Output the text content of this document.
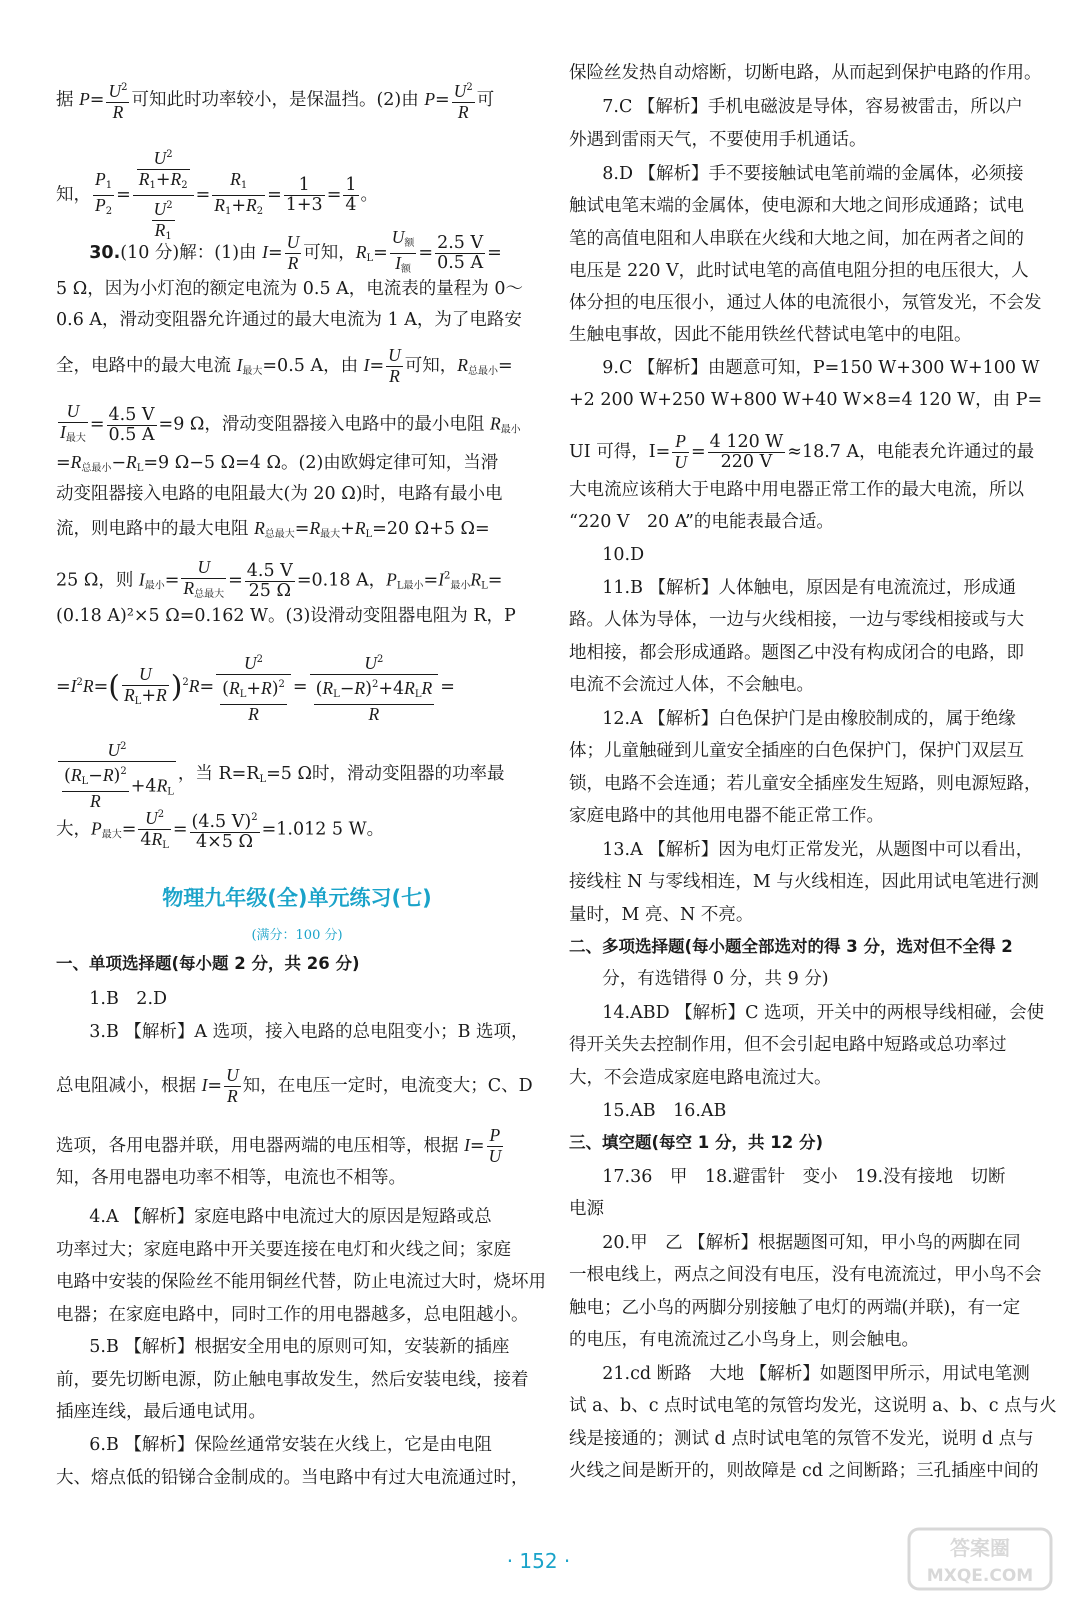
据 $P= \frac{U^2}{R}$ 可知此时功率较小，是保温挡。(2)由 $P= \frac{U^2}{R}$ 可
知， $\frac{P_1}{P_2} = \frac{\frac{U^2}{R_1+R_2}}{\frac{U^2}{R_1}} = \frac{R_1}{R_1+R_2} = \frac{1}{1+3} = \frac{1}{4}$ 。
30.(10 分)解：(1)由 $I= \frac{U}{R}$ 可知，$R_L=$
$U_额$
$I_额$
= $\frac{2.5 V}{0.5 A}$ =
5 Ω，因为小灯泡的额定电流为 0.5 A，电流表的量程为 0～
0.6 A，滑动变阻器允许通过的最大电流为 1 A，为了电路安
全，电路中的最大电流 $I_{最大}=0.5$ A，由 $I= \frac{U}{R}$ 可知，$R_{总最小}=$
U
$I_{最大}$
= $\frac{4.5 V}{0.5 A} =9$ Ω，滑动变阻器接入电路中的最小电阻 $R_{最小}$
$=R_{总最小}-R_L=9$ Ω−5 Ω=4 Ω。(2)由欧姆定律可知，当滑
动变阻器接入电路的电阻最大(为 20 Ω)时，电路有最小电
流，则电路中的最大电阻 $R_{总最大}=R_{最大}+R_L=20$ Ω+5 Ω=
25 Ω，则 $I_{最小}=$
U
$R_{总最大}$
= $\frac{4.5 V}{25 \Omega} =0.18$ A，$P_{L最小}=I^2_{最小}R_L=$
(0.18 A)²×5 Ω=0.162 W。(3)设滑动变阻器电阻为 R，P
$=I^2R=( \frac{U}{R_L+R} )^2R= \frac{U^2}{\frac{(R_L+R)^2}{R}}$ =
$U^2$
$(R_L-R)^2+4R_LR$
R
=
$\frac{U^2}{\frac{(R_L-R)^2}{R} +4R_L}$ ，当 $R=R_L=5$ Ω时，滑动变阻器的功率最
大，$P_{最大}= \frac{U^2}{4R_L} = \frac{(4.5 V)^2}{4\times 5 \Omega} =1.012$ 5 W。
物理九年级(全)单元练习(七)
(满分：100 分)
一、单项选择题(每小题 2 分，共 26 分)
1.B　2.D
3.B 【解析】A 选项，接入电路的总电阻变小；B 选项，
总电阻减小，根据 $I= \frac{U}{R}$ 知，在电压一定时，电流变大；C、D
选项，各用电器并联，用电器两端的电压相等，根据 $I= \frac{P}{U}$
知，各用电器电功率不相等，电流也不相等。
4.A 【解析】家庭电路中电流过大的原因是短路或总
功率过大；家庭电路中开关要连接在电灯和火线之间；家庭
电路中安装的保险丝不能用铜丝代替，防止电流过大时，烧坏用
电器；在家庭电路中，同时工作的用电器越多，总电阻越小。
5.B 【解析】根据安全用电的原则可知，安装新的插座
前，要先切断电源，防止触电事故发生，然后安装电线，接着
插座连线，最后通电试用。
6.B 【解析】保险丝通常安装在火线上，它是由电阻
大、熔点低的铅锑合金制成的。当电路中有过大电流通过时，
保险丝发热自动熔断，切断电路，从而起到保护电路的作用。
7.C 【解析】手机电磁波是导体，容易被雷击，所以户
外遇到雷雨天气，不要使用手机通话。
8.D 【解析】手不要接触试电笔前端的金属体，必须接
触试电笔末端的金属体，使电源和大地之间形成通路；试电
笔的高值电阻和人串联在火线和大地之间，加在两者之间的
电压是 220 V，此时试电笔的高值电阻分担的电压很大，人
体分担的电压很小，通过人体的电流很小，氖管发光，不会发
生触电事故，因此不能用铁丝代替试电笔中的电阻。
9.C 【解析】由题意可知，P=150 W+300 W+100 W
+2 200 W+250 W+800 W+40 W×8=4 120 W，由 P=
UI 可得，$I= \frac{P}{U} = \frac{4 120 W}{220 V} \approx 18.7$ A，电能表允许通过的最
大电流应该稍大于电路中用电器正常工作的最大电流，所以
“220 V　20 A”的电能表最合适。
10.D
11.B 【解析】人体触电，原因是有电流流过，形成通
路。人体为导体，一边与火线相接，一边与零线相接或与大
地相接，都会形成通路。题图乙中没有构成闭合的电路，即
电流不会流过人体，不会触电。
12.A 【解析】白色保护门是由橡胶制成的，属于绝缘
体；儿童触碰到儿童安全插座的白色保护门，保护门双层互
锁，电路不会连通；若儿童安全插座发生短路，则电源短路，
家庭电路中的其他用电器不能正常工作。
13.A 【解析】因为电灯正常发光，从题图中可以看出，
接线柱 N 与零线相连，M 与火线相连，因此用试电笔进行测
量时，M 亮、N 不亮。
二、多项选择题(每小题全部选对的得 3 分，选对但不全得 2
分，有选错得 0 分，共 9 分)
14.ABD 【解析】C 选项，开关中的两根导线相碰，会使
得开关失去控制作用，但不会引起电路中短路或总功率过
大，不会造成家庭电路电流过大。
15.AB　16.AB
三、填空题(每空 1 分，共 12 分)
17.36　甲　18.避雷针　变小　19.没有接地　切断
电源
20.甲　乙 【解析】根据题图可知，甲小鸟的两脚在同
一根电线上，两点之间没有电压，没有电流流过，甲小鸟不会
触电；乙小鸟的两脚分别接触了电灯的两端(并联)，有一定
的电压，有电流流过乙小鸟身上，则会触电。
21.cd 断路　大地 【解析】如题图甲所示，用试电笔测
试 a、b、c 点时试电笔的氖管均发光，这说明 a、b、c 点与火
线是接通的；测试 d 点时试电笔的氖管不发光，说明 d 点与
火线之间是断开的，则故障是 cd 之间断路；三孔插座中间的
· 152 ·
答案圈
MXQE.COM
